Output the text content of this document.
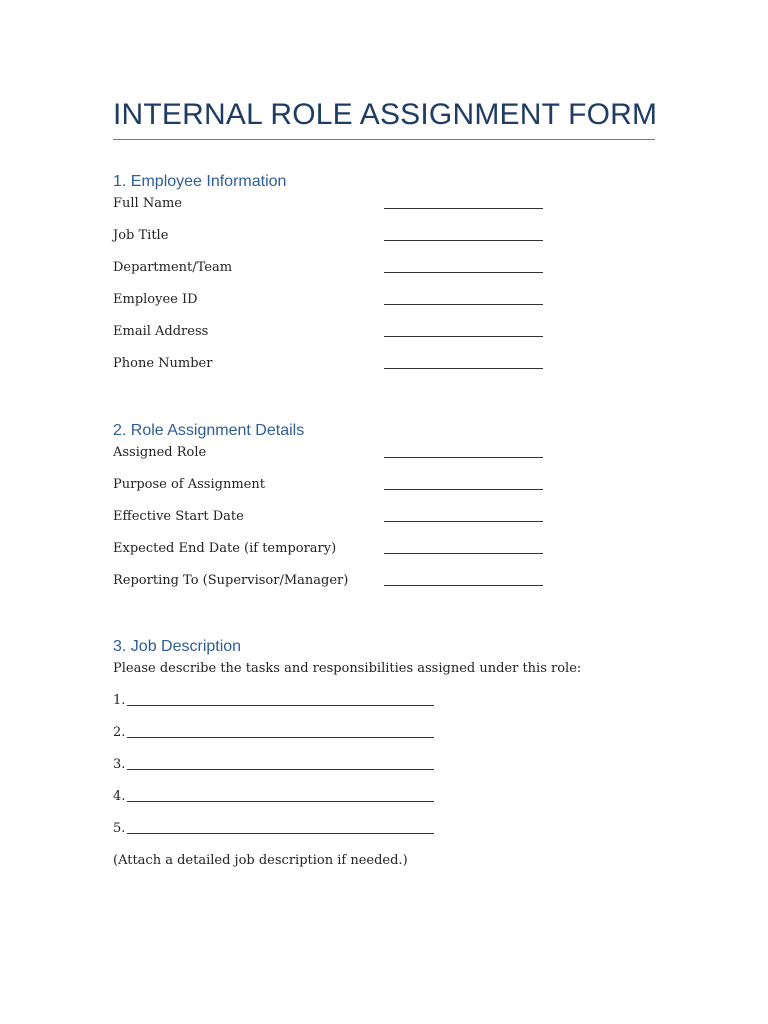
INTERNAL ROLE ASSIGNMENT FORM
1. Employee Information
Full Name
Job Title
Department/Team
Employee ID
Email Address
Phone Number
2. Role Assignment Details
Assigned Role
Purpose of Assignment
Effective Start Date
Expected End Date (if temporary)
Reporting To (Supervisor/Manager)
3. Job Description
Please describe the tasks and responsibilities assigned under this role:
1.
2.
3.
4.
5.
(Attach a detailed job description if needed.)
